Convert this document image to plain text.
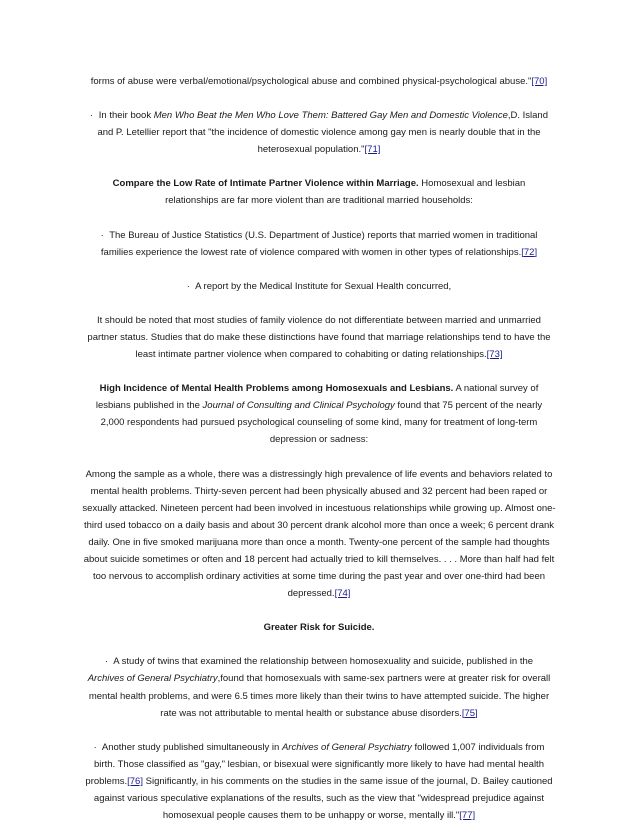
forms of abuse were verbal/emotional/psychological abuse and combined physical-psychological abuse."[70]

· In their book Men Who Beat the Men Who Love Them: Battered Gay Men and Domestic Violence,D. Island and P. Letellier report that "the incidence of domestic violence among gay men is nearly double that in the heterosexual population."[71]

Compare the Low Rate of Intimate Partner Violence within Marriage. Homosexual and lesbian relationships are far more violent than are traditional married households:

· The Bureau of Justice Statistics (U.S. Department of Justice) reports that married women in traditional families experience the lowest rate of violence compared with women in other types of relationships.[72]

· A report by the Medical Institute for Sexual Health concurred,

It should be noted that most studies of family violence do not differentiate between married and unmarried partner status. Studies that do make these distinctions have found that marriage relationships tend to have the least intimate partner violence when compared to cohabiting or dating relationships.[73]

High Incidence of Mental Health Problems among Homosexuals and Lesbians. A national survey of lesbians published in the Journal of Consulting and Clinical Psychology found that 75 percent of the nearly 2,000 respondents had pursued psychological counseling of some kind, many for treatment of long-term depression or sadness:

Among the sample as a whole, there was a distressingly high prevalence of life events and behaviors related to mental health problems. Thirty-seven percent had been physically abused and 32 percent had been raped or sexually attacked. Nineteen percent had been involved in incestuous relationships while growing up. Almost one-third used tobacco on a daily basis and about 30 percent drank alcohol more than once a week; 6 percent drank daily. One in five smoked marijuana more than once a month. Twenty-one percent of the sample had thoughts about suicide sometimes or often and 18 percent had actually tried to kill themselves. . . . More than half had felt too nervous to accomplish ordinary activities at some time during the past year and over one-third had been depressed.[74]

Greater Risk for Suicide.

· A study of twins that examined the relationship between homosexuality and suicide, published in the Archives of General Psychiatry,found that homosexuals with same-sex partners were at greater risk for overall mental health problems, and were 6.5 times more likely than their twins to have attempted suicide. The higher rate was not attributable to mental health or substance abuse disorders.[75]

· Another study published simultaneously in Archives of General Psychiatry followed 1,007 individuals from birth. Those classified as "gay," lesbian, or bisexual were significantly more likely to have had mental health problems.[76] Significantly, in his comments on the studies in the same issue of the journal, D. Bailey cautioned against various speculative explanations of the results, such as the view that "widespread prejudice against homosexual people causes them to be unhappy or worse, mentally ill."[77]
